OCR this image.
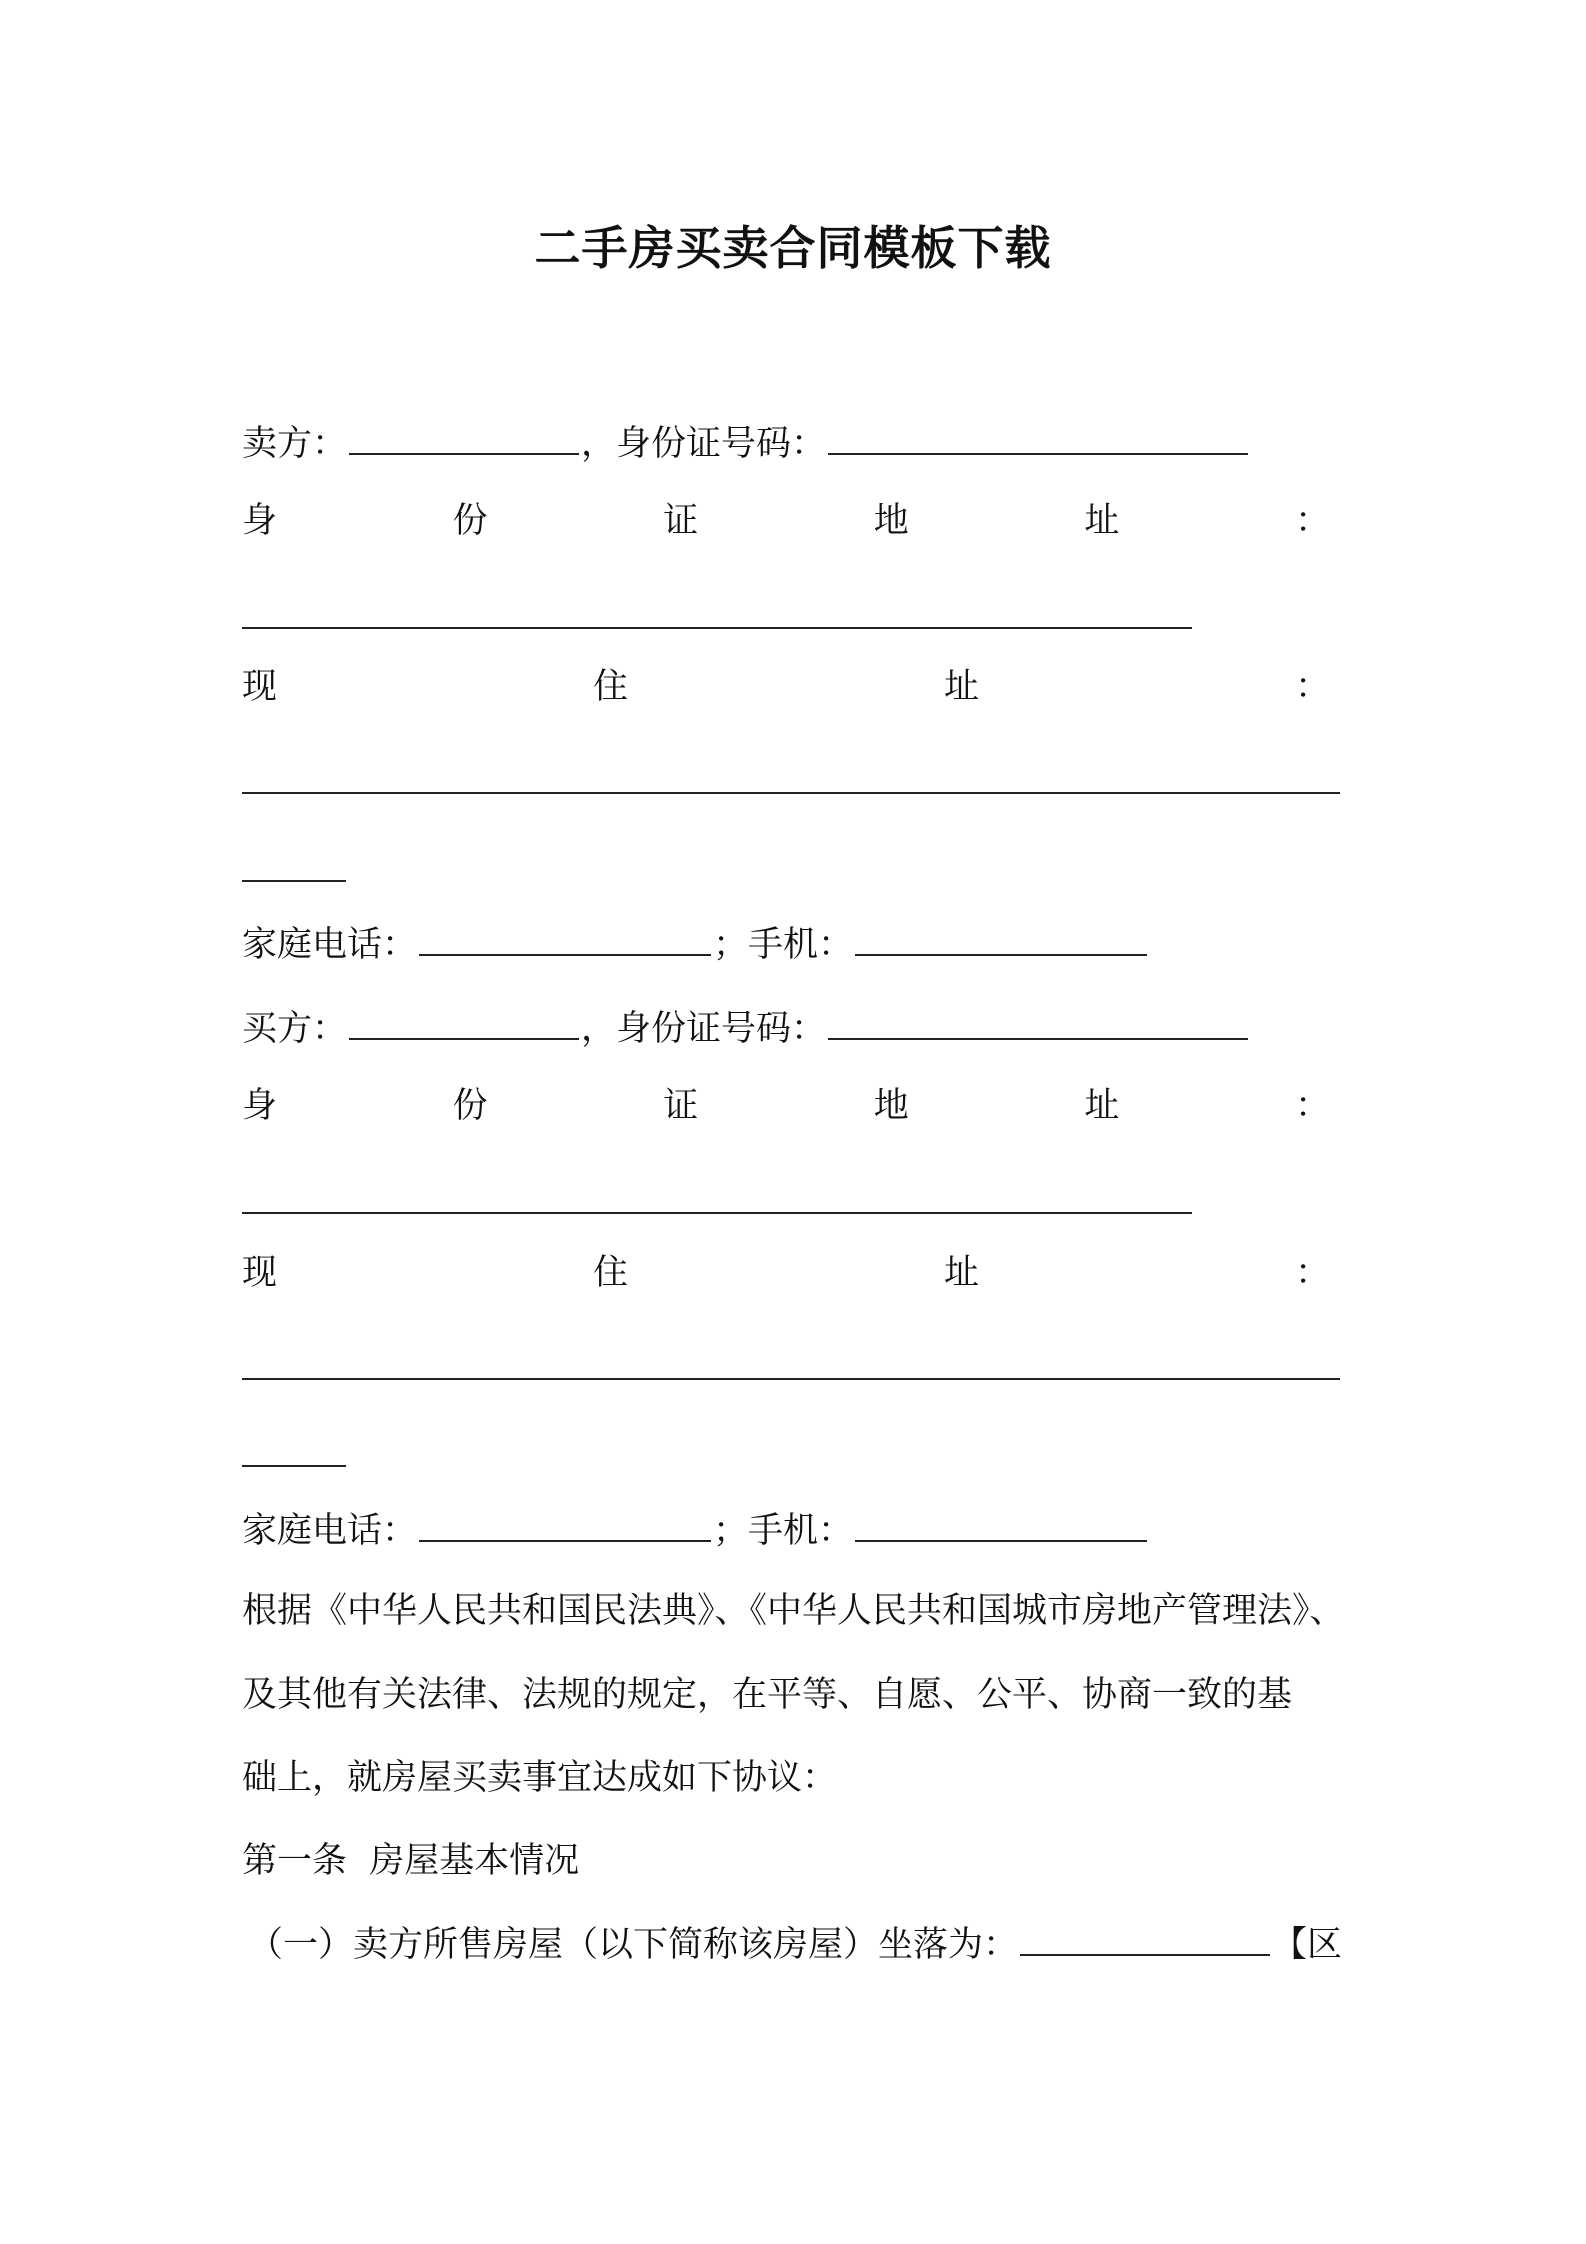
二手房买卖合同模板下载
卖方：	，身份证号码：
身	份	证	地	址	：
现	住	址	：
家庭电话：	；手机：
买方：	，身份证号码：
身	份	证	地	址	：
现	住	址	：
家庭电话：	；手机：
根据《中华人民共和国民法典》、《中华人民共和国城市房地产管理法》、
及其他有关法律、法规的规定，在平等、自愿、公平、协商一致的基
础上，就房屋买卖事宜达成如下协议：
第一条  房屋基本情况
（一）卖方所售房屋（以下简称该房屋）坐落为：	【区
